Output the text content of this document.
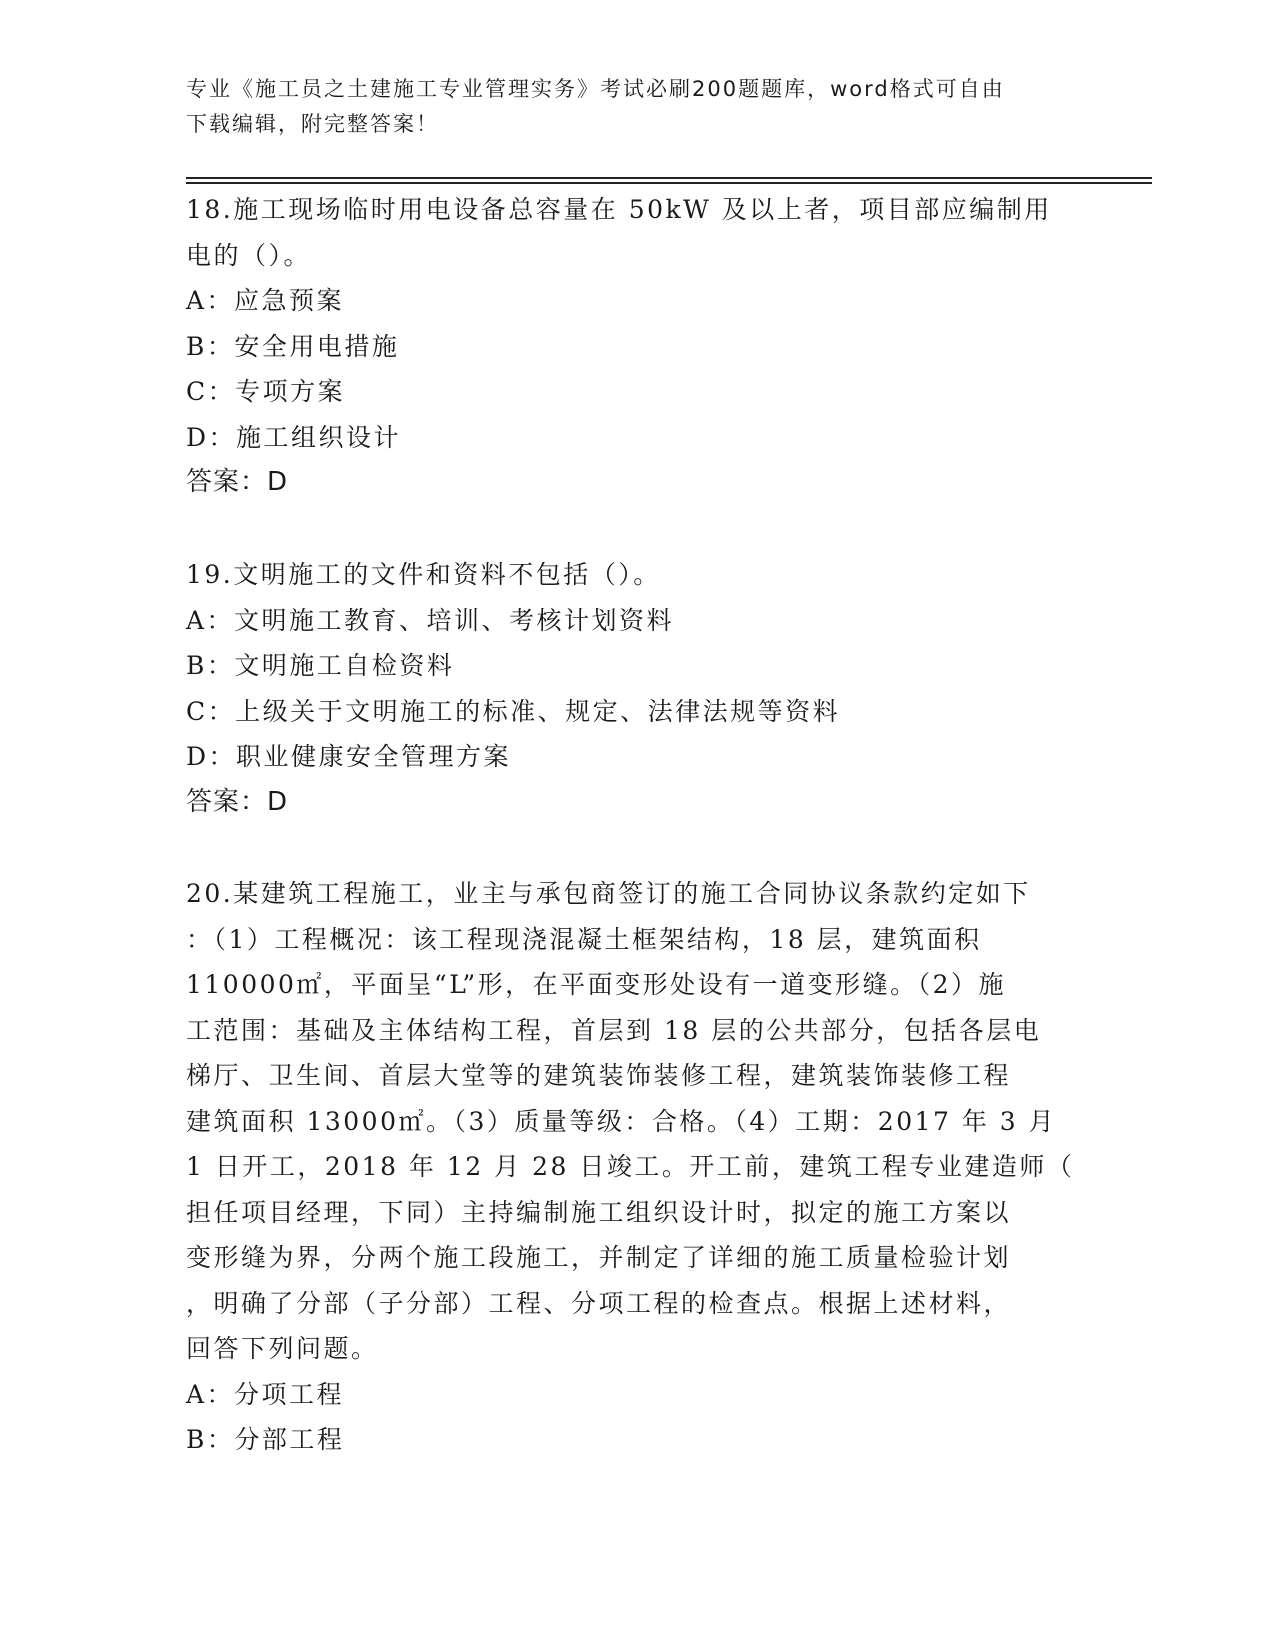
专业《施工员之土建施工专业管理实务》考试必刷200题题库，word格式可自由
下载编辑，附完整答案！
18.施工现场临时用电设备总容量在 50kW 及以上者，项目部应编制用
电的（）。
A：应急预案
B：安全用电措施
C：专项方案
D：施工组织设计
答案：D
19.文明施工的文件和资料不包括（）。
A：文明施工教育、培训、考核计划资料
B：文明施工自检资料
C：上级关于文明施工的标准、规定、法律法规等资料
D：职业健康安全管理方案
答案：D
20.某建筑工程施工，业主与承包商签订的施工合同协议条款约定如下
：（1）工程概况：该工程现浇混凝土框架结构，18 层，建筑面积
110000㎡，平面呈“L”形，在平面变形处设有一道变形缝。（2）施
工范围：基础及主体结构工程，首层到 18 层的公共部分，包括各层电
梯厅、卫生间、首层大堂等的建筑装饰装修工程，建筑装饰装修工程
建筑面积 13000㎡。（3）质量等级：合格。（4）工期：2017 年 3 月
1 日开工，2018 年 12 月 28 日竣工。开工前，建筑工程专业建造师（
担任项目经理，下同）主持编制施工组织设计时，拟定的施工方案以
变形缝为界，分两个施工段施工，并制定了详细的施工质量检验计划
，明确了分部（子分部）工程、分项工程的检查点。根据上述材料，
回答下列问题。
A：分项工程
B：分部工程
